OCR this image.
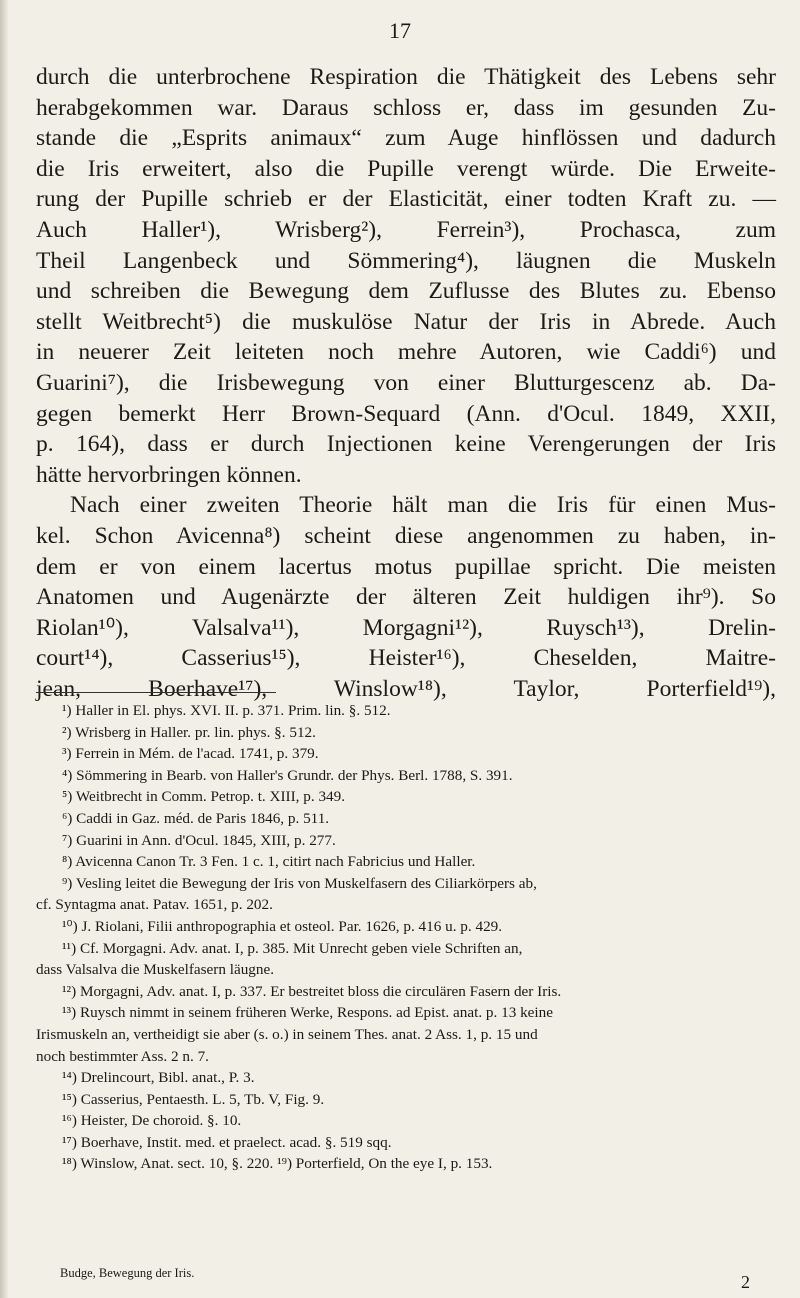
17
durch die unterbrochene Respiration die Thätigkeit des Lebens sehr
herabgekommen war. Daraus schloss er, dass im gesunden Zu-
stande die „Esprits animaux“ zum Auge hinflössen und dadurch
die Iris erweitert, also die Pupille verengt würde. Die Erweite-
rung der Pupille schrieb er der Elasticität, einer todten Kraft zu. —
Auch Haller¹), Wrisberg²), Ferrein³), Prochasca, zum
Theil Langenbeck und Sömmering⁴), läugnen die Muskeln
und schreiben die Bewegung dem Zuflusse des Blutes zu. Ebenso
stellt Weitbrecht⁵) die muskulöse Natur der Iris in Abrede. Auch
in neuerer Zeit leiteten noch mehre Autoren, wie Caddi⁶) und
Guarini⁷), die Irisbewegung von einer Blutturgescenz ab. Da-
gegen bemerkt Herr Brown-Sequard (Ann. d'Ocul. 1849, XXII,
p. 164), dass er durch Injectionen keine Verengerungen der Iris
hätte hervorbringen können.
Nach einer zweiten Theorie hält man die Iris für einen Mus-
kel. Schon Avicenna⁸) scheint diese angenommen zu haben, in-
dem er von einem lacertus motus pupillae spricht. Die meisten
Anatomen und Augenärzte der älteren Zeit huldigen ihr⁹). So
Riolan¹⁰), Valsalva¹¹), Morgagni¹²), Ruysch¹³), Drelin-
court¹⁴), Casserius¹⁵), Heister¹⁶), Cheselden, Maitre-
jean, Boerhave¹⁷), Winslow¹⁸), Taylor, Porterfield¹⁹),
¹) Haller in El. phys. XVI. II. p. 371. Prim. lin. §. 512.
²) Wrisberg in Haller. pr. lin. phys. §. 512.
³) Ferrein in Mém. de l'acad. 1741, p. 379.
⁴) Sömmering in Bearb. von Haller's Grundr. der Phys. Berl. 1788, S. 391.
⁵) Weitbrecht in Comm. Petrop. t. XIII, p. 349.
⁶) Caddi in Gaz. méd. de Paris 1846, p. 511.
⁷) Guarini in Ann. d'Ocul. 1845, XIII, p. 277.
⁸) Avicenna Canon Tr. 3 Fen. 1 c. 1, citirt nach Fabricius und Haller.
⁹) Vesling leitet die Bewegung der Iris von Muskelfasern des Ciliarkörpers ab,
cf. Syntagma anat. Patav. 1651, p. 202.
¹⁰) J. Riolani, Filii anthropographia et osteol. Par. 1626, p. 416 u. p. 429.
¹¹) Cf. Morgagni. Adv. anat. I, p. 385. Mit Unrecht geben viele Schriften an,
dass Valsalva die Muskelfasern läugne.
¹²) Morgagni, Adv. anat. I, p. 337. Er bestreitet bloss die circulären Fasern der Iris.
¹³) Ruysch nimmt in seinem früheren Werke, Respons. ad Epist. anat. p. 13 keine
Irismuskeln an, vertheidigt sie aber (s. o.) in seinem Thes. anat. 2 Ass. 1, p. 15 und
noch bestimmter Ass. 2 n. 7.
¹⁴) Drelincourt, Bibl. anat., P. 3.
¹⁵) Casserius, Pentaesth. L. 5, Tb. V, Fig. 9.
¹⁶) Heister, De choroid. §. 10.
¹⁷) Boerhave, Instit. med. et praelect. acad. §. 519 sqq.
¹⁸) Winslow, Anat. sect. 10, §. 220. ¹⁹) Porterfield, On the eye I, p. 153.
Budge, Bewegung der Iris.	2
